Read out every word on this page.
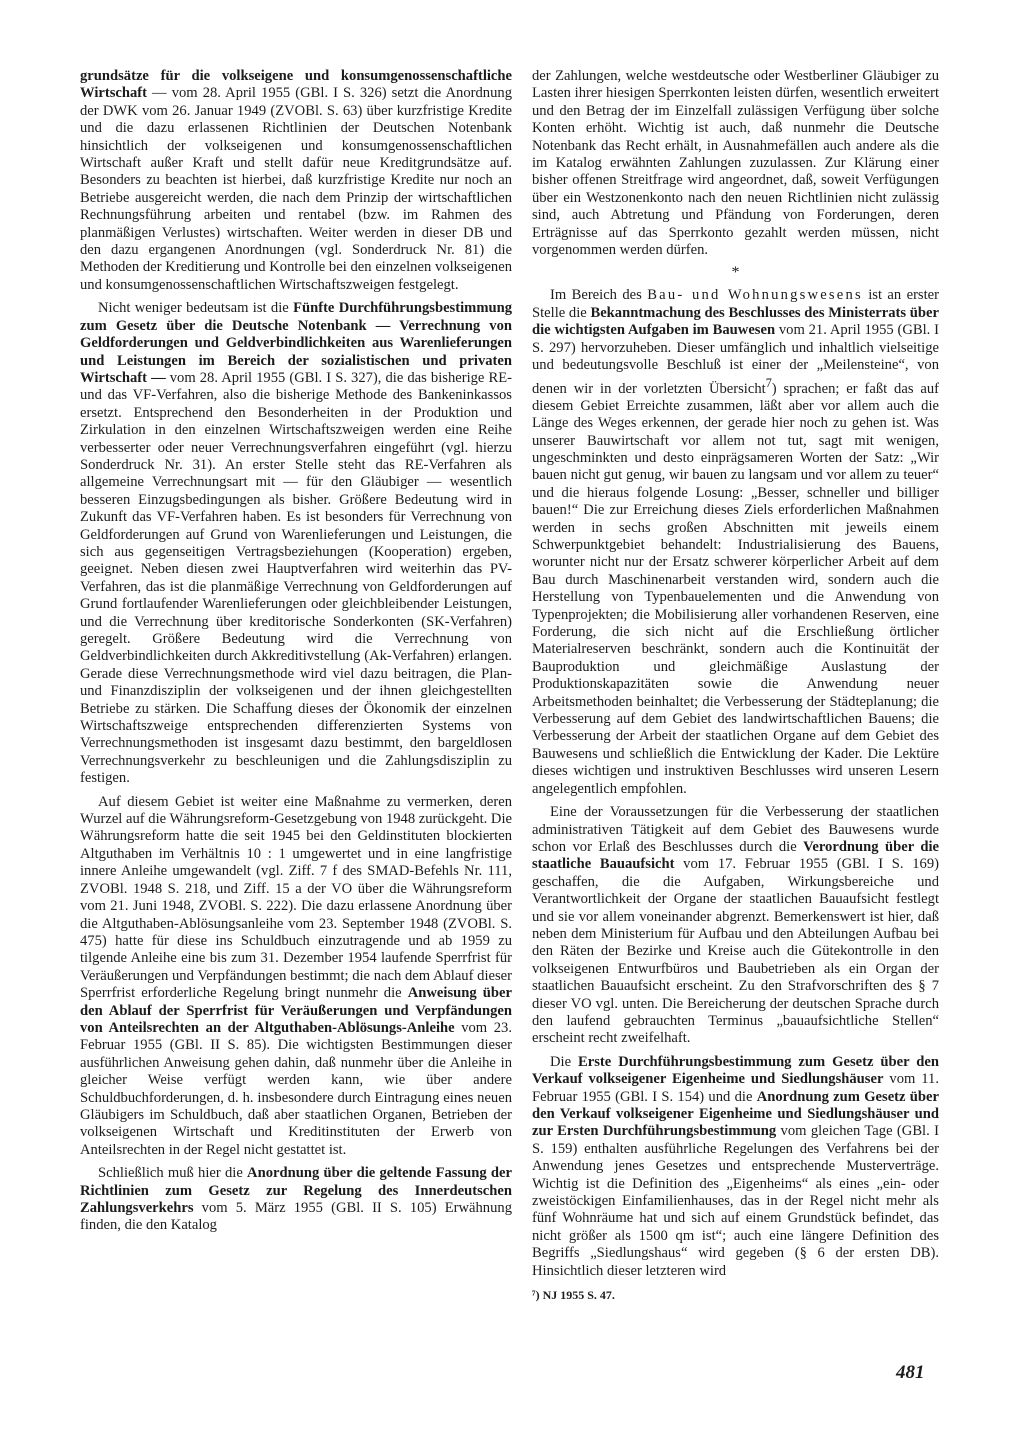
grundsätze für die volkseigene und konsumgenossenschaftliche Wirtschaft — vom 28. April 1955 (GBl. I S. 326) setzt die Anordnung der DWK vom 26. Januar 1949 (ZVOBl. S. 63) über kurzfristige Kredite und die dazu erlassenen Richtlinien der Deutschen Notenbank hinsichtlich der volkseigenen und konsumgenossenschaftlichen Wirtschaft außer Kraft und stellt dafür neue Kreditgrundsätze auf. Besonders zu beachten ist hierbei, daß kurzfristige Kredite nur noch an Betriebe ausgereicht werden, die nach dem Prinzip der wirtschaftlichen Rechnungsführung arbeiten und rentabel (bzw. im Rahmen des planmäßigen Verlustes) wirtschaften. Weiter werden in dieser DB und den dazu ergangenen Anordnungen (vgl. Sonderdruck Nr. 81) die Methoden der Kreditierung und Kontrolle bei den einzelnen volkseigenen und konsumgenossenschaftlichen Wirtschaftszweigen festgelegt.

Nicht weniger bedeutsam ist die Fünfte Durchführungsbestimmung zum Gesetz über die Deutsche Notenbank — Verrechnung von Geldforderungen und Geldverbindlichkeiten aus Warenlieferungen und Leistungen im Bereich der sozialistischen und privaten Wirtschaft — vom 28. April 1955 (GBl. I S. 327), die das bisherige RE- und das VF-Verfahren, also die bisherige Methode des Bankeninkassos ersetzt. Entsprechend den Besonderheiten in der Produktion und Zirkulation in den einzelnen Wirtschaftszweigen werden eine Reihe verbesserter oder neuer Verrechnungsverfahren eingeführt (vgl. hierzu Sonderdruck Nr. 31). An erster Stelle steht das RE-Verfahren als allgemeine Verrechnungsart mit — für den Gläubiger — wesentlich besseren Einzugsbedingungen als bisher. Größere Bedeutung wird in Zukunft das VF-Verfahren haben. Es ist besonders für Verrechnung von Geldforderungen auf Grund von Warenlieferungen und Leistungen, die sich aus gegenseitigen Vertragsbeziehungen (Kooperation) ergeben, geeignet. Neben diesen zwei Hauptverfahren wird weiterhin das PV-Verfahren, das ist die planmäßige Verrechnung von Geldforderungen auf Grund fortlaufender Warenlieferungen oder gleichbleibender Leistungen, und die Verrechnung über kreditorische Sonderkonten (SK-Verfahren) geregelt. Größere Bedeutung wird die Verrechnung von Geldverbindlichkeiten durch Akkreditivstellung (Ak-Verfahren) erlangen. Gerade diese Verrechnungsmethode wird viel dazu beitragen, die Plan- und Finanzdisziplin der volkseigenen und der ihnen gleichgestellten Betriebe zu stärken. Die Schaffung dieses der Ökonomik der einzelnen Wirtschaftszweige entsprechenden differenzierten Systems von Verrechnungsmethoden ist insgesamt dazu bestimmt, den bargeldlosen Verrechnungsverkehr zu beschleunigen und die Zahlungsdisziplin zu festigen.

Auf diesem Gebiet ist weiter eine Maßnahme zu vermerken, deren Wurzel auf die Währungsreform-Gesetzgebung von 1948 zurückgeht. Die Währungsreform hatte die seit 1945 bei den Geldinstituten blockierten Altguthaben im Verhältnis 10 : 1 umgewertet und in eine langfristige innere Anleihe umgewandelt (vgl. Ziff. 7 f des SMAD-Befehls Nr. 111, ZVOBl. 1948 S. 218, und Ziff. 15 a der VO über die Währungsreform vom 21. Juni 1948, ZVOBl. S. 222). Die dazu erlassene Anordnung über die Altguthaben-Ablösungsanleihe vom 23. September 1948 (ZVOBl. S. 475) hatte für diese ins Schuldbuch einzutragende und ab 1959 zu tilgende Anleihe eine bis zum 31. Dezember 1954 laufende Sperrfrist für Veräußerungen und Verpfändungen bestimmt; die nach dem Ablauf dieser Sperrfrist erforderliche Regelung bringt nunmehr die Anweisung über den Ablauf der Sperrfrist für Veräußerungen und Verpfändungen von Anteilsrechten an der Altguthaben-Ablösungs-Anleihe vom 23. Februar 1955 (GBl. II S. 85). Die wichtigsten Bestimmungen dieser ausführlichen Anweisung gehen dahin, daß nunmehr über die Anleihe in gleicher Weise verfügt werden kann, wie über andere Schuldbuchforderungen, d. h. insbesondere durch Eintragung eines neuen Gläubigers im Schuldbuch, daß aber staatlichen Organen, Betrieben der volkseigenen Wirtschaft und Kreditinstituten der Erwerb von Anteilsrechten in der Regel nicht gestattet ist.

Schließlich muß hier die Anordnung über die geltende Fassung der Richtlinien zum Gesetz zur Regelung des Innerdeutschen Zahlungsverkehrs vom 5. März 1955 (GBl. II S. 105) Erwähnung finden, die den Katalog

der Zahlungen, welche westdeutsche oder Westberliner Gläubiger zu Lasten ihrer hiesigen Sperrkonten leisten dürfen, wesentlich erweitert und den Betrag der im Einzelfall zulässigen Verfügung über solche Konten erhöht. Wichtig ist auch, daß nunmehr die Deutsche Notenbank das Recht erhält, in Ausnahmefällen auch andere als die im Katalog erwähnten Zahlungen zuzulassen. Zur Klärung einer bisher offenen Streitfrage wird angeordnet, daß, soweit Verfügungen über ein Westzonenkonto nach den neuen Richtlinien nicht zulässig sind, auch Abtretung und Pfändung von Forderungen, deren Erträgnisse auf das Sperrkonto gezahlt werden müssen, nicht vorgenommen werden dürfen.

*

Im Bereich des Bau- und Wohnungswesens ist an erster Stelle die Bekanntmachung des Beschlusses des Ministerrats über die wichtigsten Aufgaben im Bauwesen vom 21. April 1955 (GBl. I S. 297) hervorzuheben. Dieser umfänglich und inhaltlich vielseitige und bedeutungsvolle Beschluß ist einer der „Meilensteine“, von denen wir in der vorletzten Übersicht$^7$) sprachen; er faßt das auf diesem Gebiet Erreichte zusammen, läßt aber vor allem auch die Länge des Weges erkennen, der gerade hier noch zu gehen ist. Was unserer Bauwirtschaft vor allem not tut, sagt mit wenigen, ungeschminkten und desto einprägsameren Worten der Satz: „Wir bauen nicht gut genug, wir bauen zu langsam und vor allem zu teuer“ und die hieraus folgende Losung: „Besser, schneller und billiger bauen!“ Die zur Erreichung dieses Ziels erforderlichen Maßnahmen werden in sechs großen Abschnitten mit jeweils einem Schwerpunktgebiet behandelt: Industrialisierung des Bauens, worunter nicht nur der Ersatz schwerer körperlicher Arbeit auf dem Bau durch Maschinenarbeit verstanden wird, sondern auch die Herstellung von Typenbauelementen und die Anwendung von Typenprojekten; die Mobilisierung aller vorhandenen Reserven, eine Forderung, die sich nicht auf die Erschließung örtlicher Materialreserven beschränkt, sondern auch die Kontinuität der Bauproduktion und gleichmäßige Auslastung der Produktionskapazitäten sowie die Anwendung neuer Arbeitsmethoden beinhaltet; die Verbesserung der Städteplanung; die Verbesserung auf dem Gebiet des landwirtschaftlichen Bauens; die Verbesserung der Arbeit der staatlichen Organe auf dem Gebiet des Bauwesens und schließlich die Entwicklung der Kader. Die Lektüre dieses wichtigen und instruktiven Beschlusses wird unseren Lesern angelegentlich empfohlen.

Eine der Voraussetzungen für die Verbesserung der staatlichen administrativen Tätigkeit auf dem Gebiet des Bauwesens wurde schon vor Erlaß des Beschlusses durch die Verordnung über die staatliche Bauaufsicht vom 17. Februar 1955 (GBl. I S. 169) geschaffen, die die Aufgaben, Wirkungsbereiche und Verantwortlichkeit der Organe der staatlichen Bauaufsicht festlegt und sie vor allem voneinander abgrenzt. Bemerkenswert ist hier, daß neben dem Ministerium für Aufbau und den Abteilungen Aufbau bei den Räten der Bezirke und Kreise auch die Gütekontrolle in den volkseigenen Entwurfbüros und Baubetrieben als ein Organ der staatlichen Bauaufsicht erscheint. Zu den Strafvorschriften des § 7 dieser VO vgl. unten. Die Bereicherung der deutschen Sprache durch den laufend gebrauchten Terminus „bauaufsichtliche Stellen“ erscheint recht zweifelhaft.

Die Erste Durchführungsbestimmung zum Gesetz über den Verkauf volkseigener Eigenheime und Siedlungshäuser vom 11. Februar 1955 (GBl. I S. 154) und die Anordnung zum Gesetz über den Verkauf volkseigener Eigenheime und Siedlungshäuser und zur Ersten Durchführungsbestimmung vom gleichen Tage (GBl. I S. 159) enthalten ausführliche Regelungen des Verfahrens bei der Anwendung jenes Gesetzes und entsprechende Musterverträge. Wichtig ist die Definition des „Eigenheims“ als eines „ein- oder zweistöckigen Einfamilienhauses, das in der Regel nicht mehr als fünf Wohnräume hat und sich auf einem Grundstück befindet, das nicht größer als 1500 qm ist“; auch eine längere Definition des Begriffs „Siedlungshaus“ wird gegeben (§ 6 der ersten DB). Hinsichtlich dieser letzteren wird

⁷) NJ 1955 S. 47.
481
